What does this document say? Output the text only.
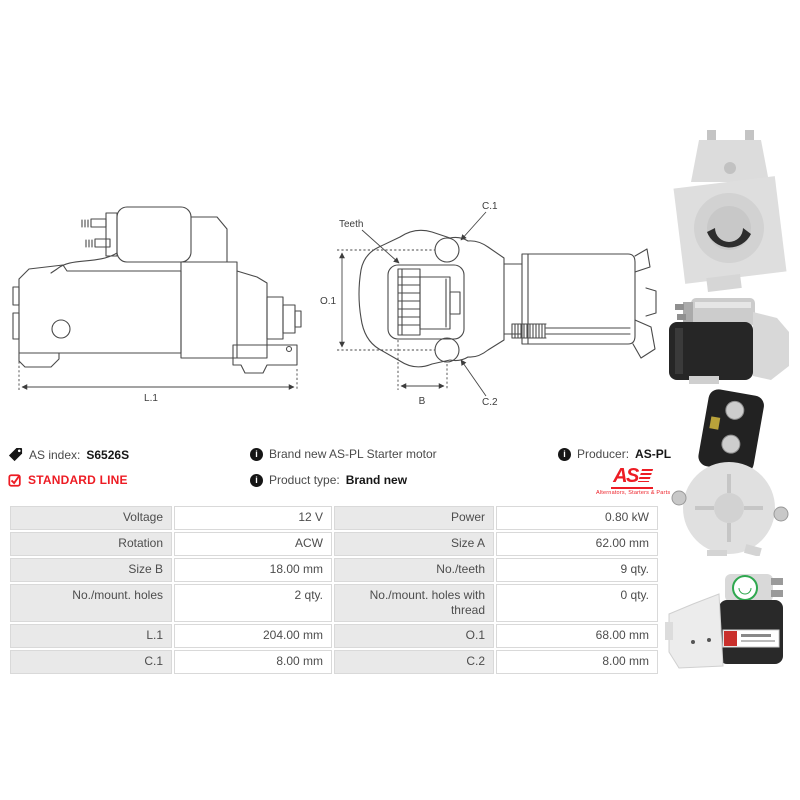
L.1
O.1
B
C.1
C.2
Teeth
AS index: S6526S	i Brand new AS-PL Starter motor	i Producer: AS-PL
STANDARD LINE	i Product type: Brand new	AS
Alternators, Starters & Parts
Voltage	12 V	Power	0.80 kW
Rotation	ACW	Size A	62.00 mm
Size B	18.00 mm	No./teeth	9 qty.
No./mount. holes	2 qty.	No./mount. holes with thread	0 qty.
L.1	204.00 mm	O.1	68.00 mm
C.1	8.00 mm	C.2	8.00 mm
